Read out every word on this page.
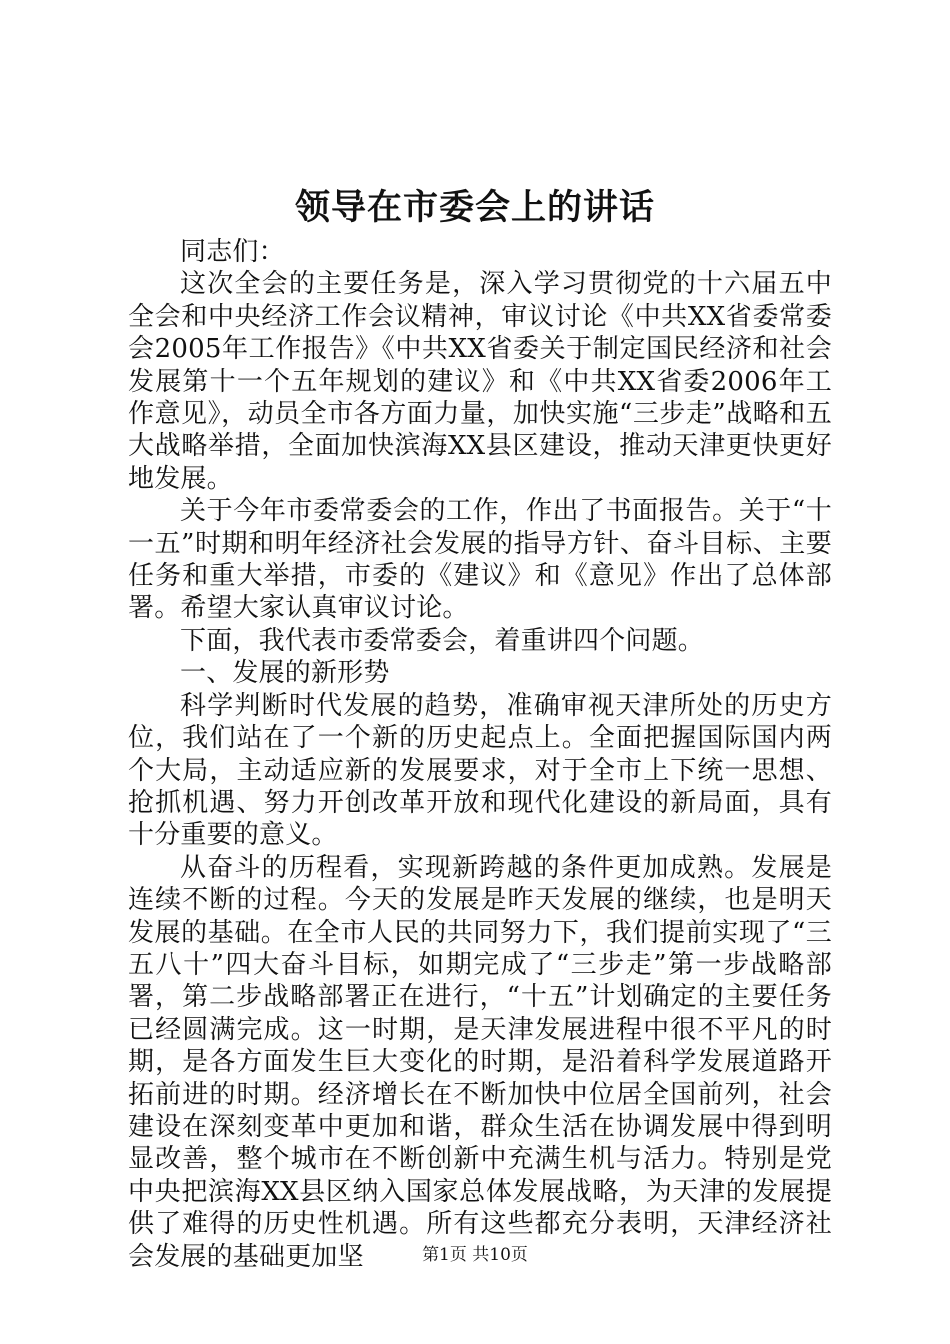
领导在市委会上的讲话

同志们：

这次全会的主要任务是，深入学习贯彻党的十六届五中全会和中央经济工作会议精神，审议讨论《中共XX省委常委会2005年工作报告》《中共XX省委关于制定国民经济和社会发展第十一个五年规划的建议》和《中共XX省委2006年工作意见》，动员全市各方面力量，加快实施“三步走”战略和五大战略举措，全面加快滨海XX县区建设，推动天津更快更好地发展。

关于今年市委常委会的工作，作出了书面报告。关于“十一五”时期和明年经济社会发展的指导方针、奋斗目标、主要任务和重大举措，市委的《建议》和《意见》作出了总体部署。希望大家认真审议讨论。

下面，我代表市委常委会，着重讲四个问题。

一、发展的新形势

科学判断时代发展的趋势，准确审视天津所处的历史方位，我们站在了一个新的历史起点上。全面把握国际国内两个大局，主动适应新的发展要求，对于全市上下统一思想、抢抓机遇、努力开创改革开放和现代化建设的新局面，具有十分重要的意义。

从奋斗的历程看，实现新跨越的条件更加成熟。发展是连续不断的过程。今天的发展是昨天发展的继续，也是明天发展的基础。在全市人民的共同努力下，我们提前实现了“三五八十”四大奋斗目标，如期完成了“三步走”第一步战略部署，第二步战略部署正在进行，“十五”计划确定的主要任务已经圆满完成。这一时期，是天津发展进程中很不平凡的时期，是各方面发生巨大变化的时期，是沿着科学发展道路开拓前进的时期。经济增长在不断加快中位居全国前列，社会建设在深刻变革中更加和谐，群众生活在协调发展中得到明显改善，整个城市在不断创新中充满生机与活力。特别是党中央把滨海XX县区纳入国家总体发展战略，为天津的发展提供了难得的历史性机遇。所有这些都充分表明，天津经济社会发展的基础更加坚	第1页 共10页
